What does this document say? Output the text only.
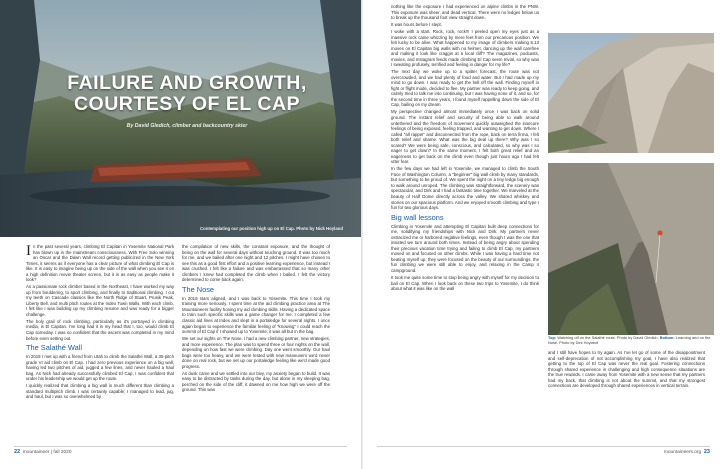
FAILURE AND GROWTH,
COURTESY OF EL CAP
By David Gledich, climber and backcountry skier
Contemplating our position high up on El Cap. Photo by Nick Hoyland

In the past several years, climbing El Capitan in Yosemite National Park has blown up in the mainstream consciousness. With Free Solo winning an Oscar and the Dawn Wall record getting publicized in the New York Times, it seems as if everyone has a clear picture of what climbing El Cap is like. It is easy to imagine being up on the side of the wall when you see it on a high definition movie theater screen, but it is as easy as people make it look?

As a passionate rock climber based in the Northeast, I have worked my way up from bouldering, to sport climbing, and finally to traditional climbing. I cut my teeth on Cascade classics like the North Ridge of Stuart, Prusik Peak, Liberty Bell, and multi pitch routes at the Index Town Walls. With each climb, I felt like I was building up my climbing resume and was ready for a bigger challenge.

The holy grail of rock climbing, particularly as it's portrayed in climbing media, is El Capitan. I've long had it in my head that I, too, would climb El Cap someday. I was so confident that the ascent was completed in my mind before even setting out.

The Salathé Wall

In 2019 I met up with a friend from Utah to climb the Salathé Wall, a 35-pitch grade VI aid climb on El Cap. I had zero previous experience on a big wall, having led two pitches of aid, jugged a few lines, and never hauled a haul bag. As Nick had already successfully climbed El Cap, I was confident that under his leadership we would get up the route.

I quickly realized that climbing a big wall is much different than climbing a standard multipitch climb. I was certainly capable; I managed to lead, jug, and haul, but I was so overwhelmed by

the compilation of new skills, the constant exposure, and the thought of being on the wall for several days without touching ground. It was too much for me, and we bailed after one night and 12 pitches. I might have chosen to see this as a good first effort and a positive learning experience, but instead I was crushed. I felt like a failure and was embarrassed that so many other climbers I knew had completed the climb when I bailed. I felt the victory determined to come back again.

The Nose

In 2019 stars aligned, and I was back to Yosemite. This time I took my training more seriously. I spent time at the aid climbing practice area at The Mountaineers facility honing my aid climbing skills. Having a dedicated space to train such specific skills was a game changer for me. I completed a few classic aid lines at Index and slept in a portaledge for several nights. I once again began to experience the familiar feeling of "knowing" I could reach the summit of El Cap if I showed up to Yosemite; it was all but in the bag.

We set our sights on The Nose. I had a new climbing partner, new strategies, and more experience. The plan was to spend three or four nights on the wall, depending on how fast we were climbing. Day one went smoothly. Our haul bags were too heavy, and we were tested with new maneuvers we'd never done on real rock, but we set up our portaledge feeling like we'd made good progress.

As dusk came and we settled into our bivy, my anxiety began to build. It was easy to be distracted by tasks during the day, but alone in my sleeping bag, perched on the side of the cliff, it dawned on me how high we were off the ground. This was

nothing like the exposure I had experienced on alpine climbs in the PNW. This exposure was sheer, and dead vertical. There were no ledges below us to break up the thousand foot view straight down.

It was hours before I slept.

I woke with a start. Rock, rock, rock!!! I peeled open my eyes just as a massive rock came whizzing by mere feet from our precarious position. We felt lucky to be alive. What happened to my image of climbers making 5.13 moves on El Capitan big walls with no helmet, dancing up the wall carefree and making it look like craggin at a local cliff? The magazines, podcasts, movies, and Instagram feeds made climbing El Cap seem trivial, so why was I sweating profusely, terrified and feeling in danger for my life?

The next day we woke up to a spitter forecast, the route was not overcrowded, and we had plenty of food and water. But I had made up my mind to go down. I was ready to get the hell off the wall. Finding myself in fight or flight mode, decided to flee. My partner was ready to keep going, and calmly tried to talk me into continuing, but I was having none of it, and so, for the second time in three years, I found myself rappelling down the side of El Cap, bailing on my dream.

My perspective changed almost immediately once I was back on solid ground. The instant relief and security of being able to walk around untethered and the freedom of movement quickly outweighed the insecure feelings of being exposed, feeling trapped, and wanting to get down. Where I called "all rappel" and disconnected from the rope, back on terra firma, I felt both relief and shame. What was the big deal up there? Why was I so scared? We were being safe, conscious, and calculated, so why was I so eager to get down? In the same moment, I felt both great relief and an eagerness to get back on the climb even though just hours ago I had felt utter fear.

In the few days we had left in Yosemite, we managed to climb the South Face of Washington Column, a "beginner" big wall climb by many standards, but something to be proud of. We spent the night on a tiny ledge big enough to walk around unroped. The climbing was straightforward, the scenery was spectacular, and Dirk and I had a fantastic time together. We marveled at the beauty of Half Dome directly across the valley. We shared whiskey and stories on our spacious platform. And we enjoyed smooth climbing and type I fun for two glorious days.

Big wall lessons

Climbing in Yosemite and attempting El Capitan built deep connections for me, solidifying my friendships with Nick and Dirk. My partners never ostracized me or harbored negative feelings, even though I was the one that insisted we turn around both times. Instead of being angry about spending their precious vacation time trying and failing to climb El Cap, my partners moved on and focused on other climbs. While I was having a hard time not beating myself up, they were focused on the beauty of our surroundings, the fun climbing we were still able to enjoy, and relaxing in the Camp 4 campground.

It took me quite some time to stop being angry with myself for my decision to bail on El Cap. When I look back on these two trips to Yosemite, I do think about what it was like on the wall

Top: Watching off on the Salathé route. Photo by David Gledich. Bottom: Learning and on the Nose. Photo by Dirk Hoyland

and I still have hopes to try again. As I've let go of some of the disappointment and self-deprecation of not accomplishing my goal, I have also realized that getting to the top of El Cap was never the real goal. Fostering connections through shared experience in challenging and high consequence situations are the true rewards. I came away from Yosemite with a new sense that my partners had my back, that climbing is not about the summit, and that my strongest connections are developed through shared experiences in vertical terrain.

22 mountaineer | fall 2020	mountaineers.org 23
